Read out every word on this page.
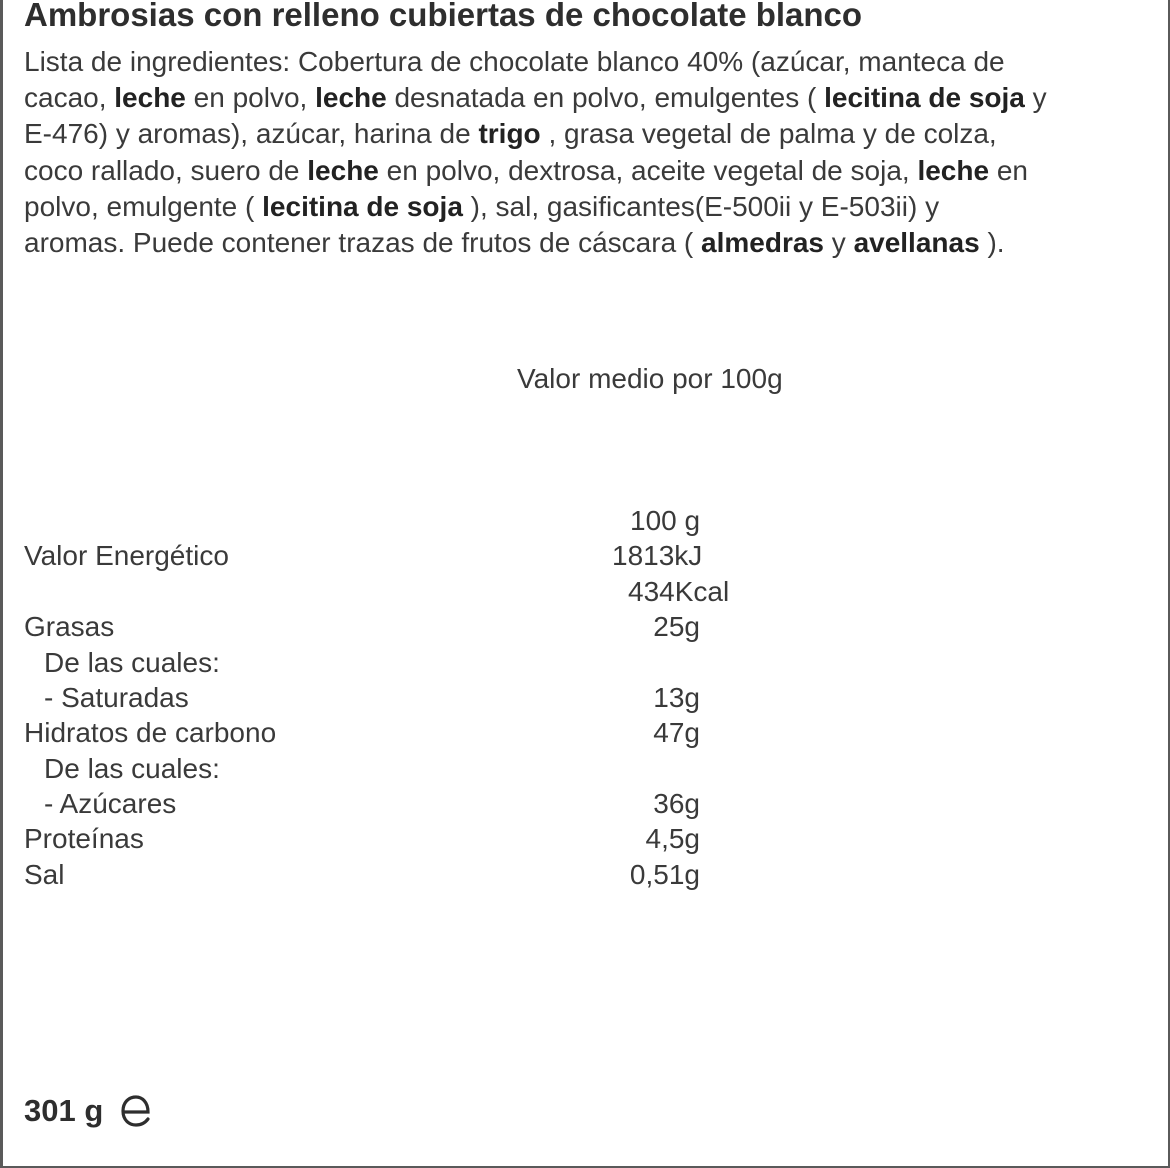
Ambrosias con relleno cubiertas de chocolate blanco
Lista de ingredientes: Cobertura de chocolate blanco 40% (azúcar, manteca de
cacao, leche en polvo, leche desnatada en polvo, emulgentes ( lecitina de soja y
E-476) y aromas), azúcar, harina de trigo , grasa vegetal de palma y de colza,
coco rallado, suero de leche en polvo, dextrosa, aceite vegetal de soja, leche en
polvo, emulgente ( lecitina de soja ), sal, gasificantes(E-500ii y E-503ii) y
aromas. Puede contener trazas de frutos de cáscara ( almedras y avellanas ).
Valor medio por 100g
100 g
Valor Energético	1813kJ
434Kcal
Grasas	25g
De las cuales:
- Saturadas	13g
Hidratos de carbono	47g
De las cuales:
- Azúcares	36g
Proteínas	4,5g
Sal	0,51g
301 g
